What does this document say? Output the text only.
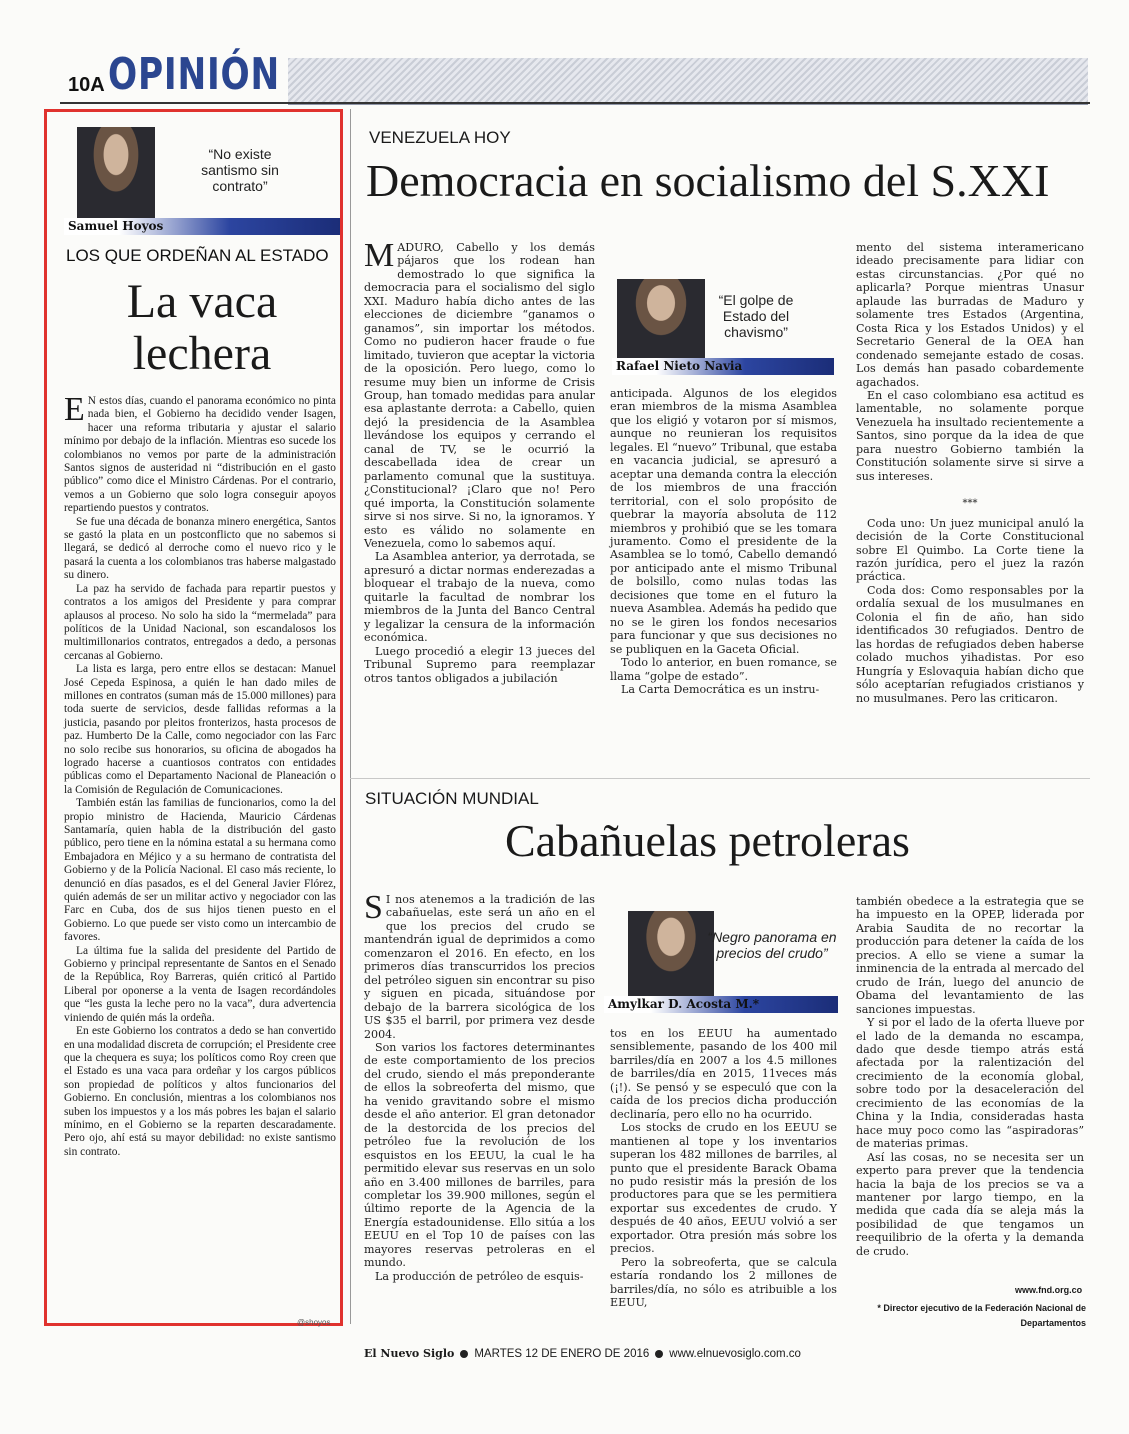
10A OPINIÓN
“No existe santismo sin contrato”
Samuel Hoyos
LOS QUE ORDEÑAN AL ESTADO
La vaca lechera

E N estos días, cuando el panorama económico no pinta nada bien, el Gobierno ha decidido vender Isagen, hacer una reforma tributaria y ajustar el salario mínimo por debajo de la inflación. Mientras eso sucede los colombianos no vemos por parte de la administración Santos signos de austeridad ni “distribución en el gasto público” como dice el Ministro Cárdenas. Por el contrario, vemos a un Gobierno que solo logra conseguir apoyos repartiendo puestos y contratos.

Se fue una década de bonanza minero energética, Santos se gastó la plata en un postconflicto que no sabemos si llegará, se dedicó al derroche como el nuevo rico y le pasará la cuenta a los colombianos tras haberse malgastado su dinero.

La paz ha servido de fachada para repartir puestos y contratos a los amigos del Presidente y para comprar aplausos al proceso. No solo ha sido la “mermelada” para políticos de la Unidad Nacional, son escandalosos los multimillonarios contratos, entregados a dedo, a personas cercanas al Gobierno.

La lista es larga, pero entre ellos se destacan: Manuel José Cepeda Espinosa, a quién le han dado miles de millones en contratos (suman más de 15.000 millones) para toda suerte de servicios, desde fallidas reformas a la justicia, pasando por pleitos fronterizos, hasta procesos de paz. Humberto De la Calle, como negociador con las Farc no solo recibe sus honorarios, su oficina de abogados ha logrado hacerse a cuantiosos contratos con entidades públicas como el Departamento Nacional de Planeación o la Comisión de Regulación de Comunicaciones.

También están las familias de funcionarios, como la del propio ministro de Hacienda, Mauricio Cárdenas Santamaría, quien habla de la distribución del gasto público, pero tiene en la nómina estatal a su hermana como Embajadora en Méjico y a su hermano de contratista del Gobierno y de la Policía Nacional. El caso más reciente, lo denunció en días pasados, es el del General Javier Flórez, quién además de ser un militar activo y negociador con las Farc en Cuba, dos de sus hijos tienen puesto en el Gobierno. Lo que puede ser visto como un intercambio de favores.

La última fue la salida del presidente del Partido de Gobierno y principal representante de Santos en el Senado de la República, Roy Barreras, quién criticó al Partido Liberal por oponerse a la venta de Isagen recordándoles que “les gusta la leche pero no la vaca”, dura advertencia viniendo de quién más la ordeña.

En este Gobierno los contratos a dedo se han convertido en una modalidad discreta de corrupción; el Presidente cree que la chequera es suya; los políticos como Roy creen que el Estado es una vaca para ordeñar y los cargos públicos son propiedad de políticos y altos funcionarios del Gobierno. En conclusión, mientras a los colombianos nos suben los impuestos y a los más pobres les bajan el salario mínimo, en el Gobierno se la reparten descaradamente. Pero ojo, ahí está su mayor debilidad: no existe santismo sin contrato.

@shoyos
VENEZUELA HOY
Democracia en socialismo del S.XXI

MADURO, Cabello y los demás pájaros que los rodean han demostrado lo que significa la democracia para el socialismo del siglo XXI. Maduro había dicho antes de las elecciones de diciembre “ganamos o ganamos”, sin importar los métodos. Como no pudieron hacer fraude o fue limitado, tuvieron que aceptar la victoria de la oposición. Pero luego, como lo resume muy bien un informe de Crisis Group, han tomado medidas para anular esa aplastante derrota: a Cabello, quien dejó la presidencia de la Asamblea llevándose los equipos y cerrando el canal de TV, se le ocurrió la descabellada idea de crear un parlamento comunal que la sustituya. ¿Constitucional? ¡Claro que no! Pero qué importa, la Constitución solamente sirve si nos sirve. Si no, la ignoramos. Y esto es válido no solamente en Venezuela, como lo sabemos aquí.

La Asamblea anterior, ya derrotada, se apresuró a dictar normas enderezadas a bloquear el trabajo de la nueva, como quitarle la facultad de nombrar los miembros de la Junta del Banco Central y legalizar la censura de la información económica.

Luego procedió a elegir 13 jueces del Tribunal Supremo para reemplazar otros tantos obligados a jubilación

“El golpe de Estado del chavismo”
Rafael Nieto Navia

anticipada. Algunos de los elegidos eran miembros de la misma Asamblea que los eligió y votaron por sí mismos, aunque no reunieran los requisitos legales. El “nuevo” Tribunal, que estaba en vacancia judicial, se apresuró a aceptar una demanda contra la elección de los miembros de una fracción territorial, con el solo propósito de quebrar la mayoría absoluta de 112 miembros y prohibió que se les tomara juramento. Como el presidente de la Asamblea se lo tomó, Cabello demandó por anticipado ante el mismo Tribunal de bolsillo, como nulas todas las decisiones que tome en el futuro la nueva Asamblea. Además ha pedido que no se le giren los fondos necesarios para funcionar y que sus decisiones no se publiquen en la Gaceta Oficial.

Todo lo anterior, en buen romance, se llama “golpe de estado”.

La Carta Democrática es un instru-

mento del sistema interamericano ideado precisamente para lidiar con estas circunstancias. ¿Por qué no aplicarla? Porque mientras Unasur aplaude las burradas de Maduro y solamente tres Estados (Argentina, Costa Rica y los Estados Unidos) y el Secretario General de la OEA han condenado semejante estado de cosas. Los demás han pasado cobardemente agachados.

En el caso colombiano esa actitud es lamentable, no solamente porque Venezuela ha insultado recientemente a Santos, sino porque da la idea de que para nuestro Gobierno también la Constitución solamente sirve si sirve a sus intereses.

***

Coda uno: Un juez municipal anuló la decisión de la Corte Constitucional sobre El Quimbo. La Corte tiene la razón jurídica, pero el juez la razón práctica.

Coda dos: Como responsables por la ordalía sexual de los musulmanes en Colonia el fin de año, han sido identificados 30 refugiados. Dentro de las hordas de refugiados deben haberse colado muchos yihadistas. Por eso Hungría y Eslovaquia habían dicho que sólo aceptarían refugiados cristianos y no musulmanes. Pero las criticaron.

SITUACIÓN MUNDIAL
Cabañuelas petroleras

S I nos atenemos a la tradición de las cabañuelas, este será un año en el que los precios del crudo se mantendrán igual de deprimidos a como comenzaron el 2016. En efecto, en los primeros días transcurridos los precios del petróleo siguen sin encontrar su piso y siguen en picada, situándose por debajo de la barrera sicológica de los US $35 el barril, por primera vez desde 2004.

Son varios los factores determinantes de este comportamiento de los precios del crudo, siendo el más preponderante de ellos la sobreoferta del mismo, que ha venido gravitando sobre el mismo desde el año anterior. El gran detonador de la destorcida de los precios del petróleo fue la revolución de los esquistos en los EEUU, la cual le ha permitido elevar sus reservas en un solo año en 3.400 millones de barriles, para completar los 39.900 millones, según el último reporte de la Agencia de la Energía estadounidense. Ello sitúa a los EEUU en el Top 10 de países con las mayores reservas petroleras en el mundo.

La producción de petróleo de esquis-

“Negro panorama en precios del crudo”
Amylkar D. Acosta M.*

tos en los EEUU ha aumentado sensiblemente, pasando de los 400 mil barriles/día en 2007 a los 4.5 millones de barriles/día en 2015, 11veces más (¡!). Se pensó y se especuló que con la caída de los precios dicha producción declinaría, pero ello no ha ocurrido.

Los stocks de crudo en los EEUU se mantienen al tope y los inventarios superan los 482 millones de barriles, al punto que el presidente Barack Obama no pudo resistir más la presión de los productores para que se les permitiera exportar sus excedentes de crudo. Y después de 40 años, EEUU volvió a ser exportador. Otra presión más sobre los precios.

Pero la sobreoferta, que se calcula estaría rondando los 2 millones de barriles/día, no sólo es atribuible a los EEUU,

también obedece a la estrategia que se ha impuesto en la OPEP, liderada por Arabia Saudita de no recortar la producción para detener la caída de los precios. A ello se viene a sumar la inminencia de la entrada al mercado del crudo de Irán, luego del anuncio de Obama del levantamiento de las sanciones impuestas.

Y si por el lado de la oferta llueve por el lado de la demanda no escampa, dado que desde tiempo atrás está afectada por la ralentización del crecimiento de la economía global, sobre todo por la desaceleración del crecimiento de las economías de la China y la India, consideradas hasta hace muy poco como las “aspiradoras” de materias primas.

Así las cosas, no se necesita ser un experto para prever que la tendencia hacia la baja de los precios se va a mantener por largo tiempo, en la medida que cada día se aleja más la posibilidad de que tengamos un reequilibrio de la oferta y la demanda de crudo.

www.fnd.org.co
* Director ejecutivo de la Federación Nacional de Departamentos
El Nuevo Siglo MARTES 12 DE ENERO DE 2016 www.elnuevosiglo.com.co
